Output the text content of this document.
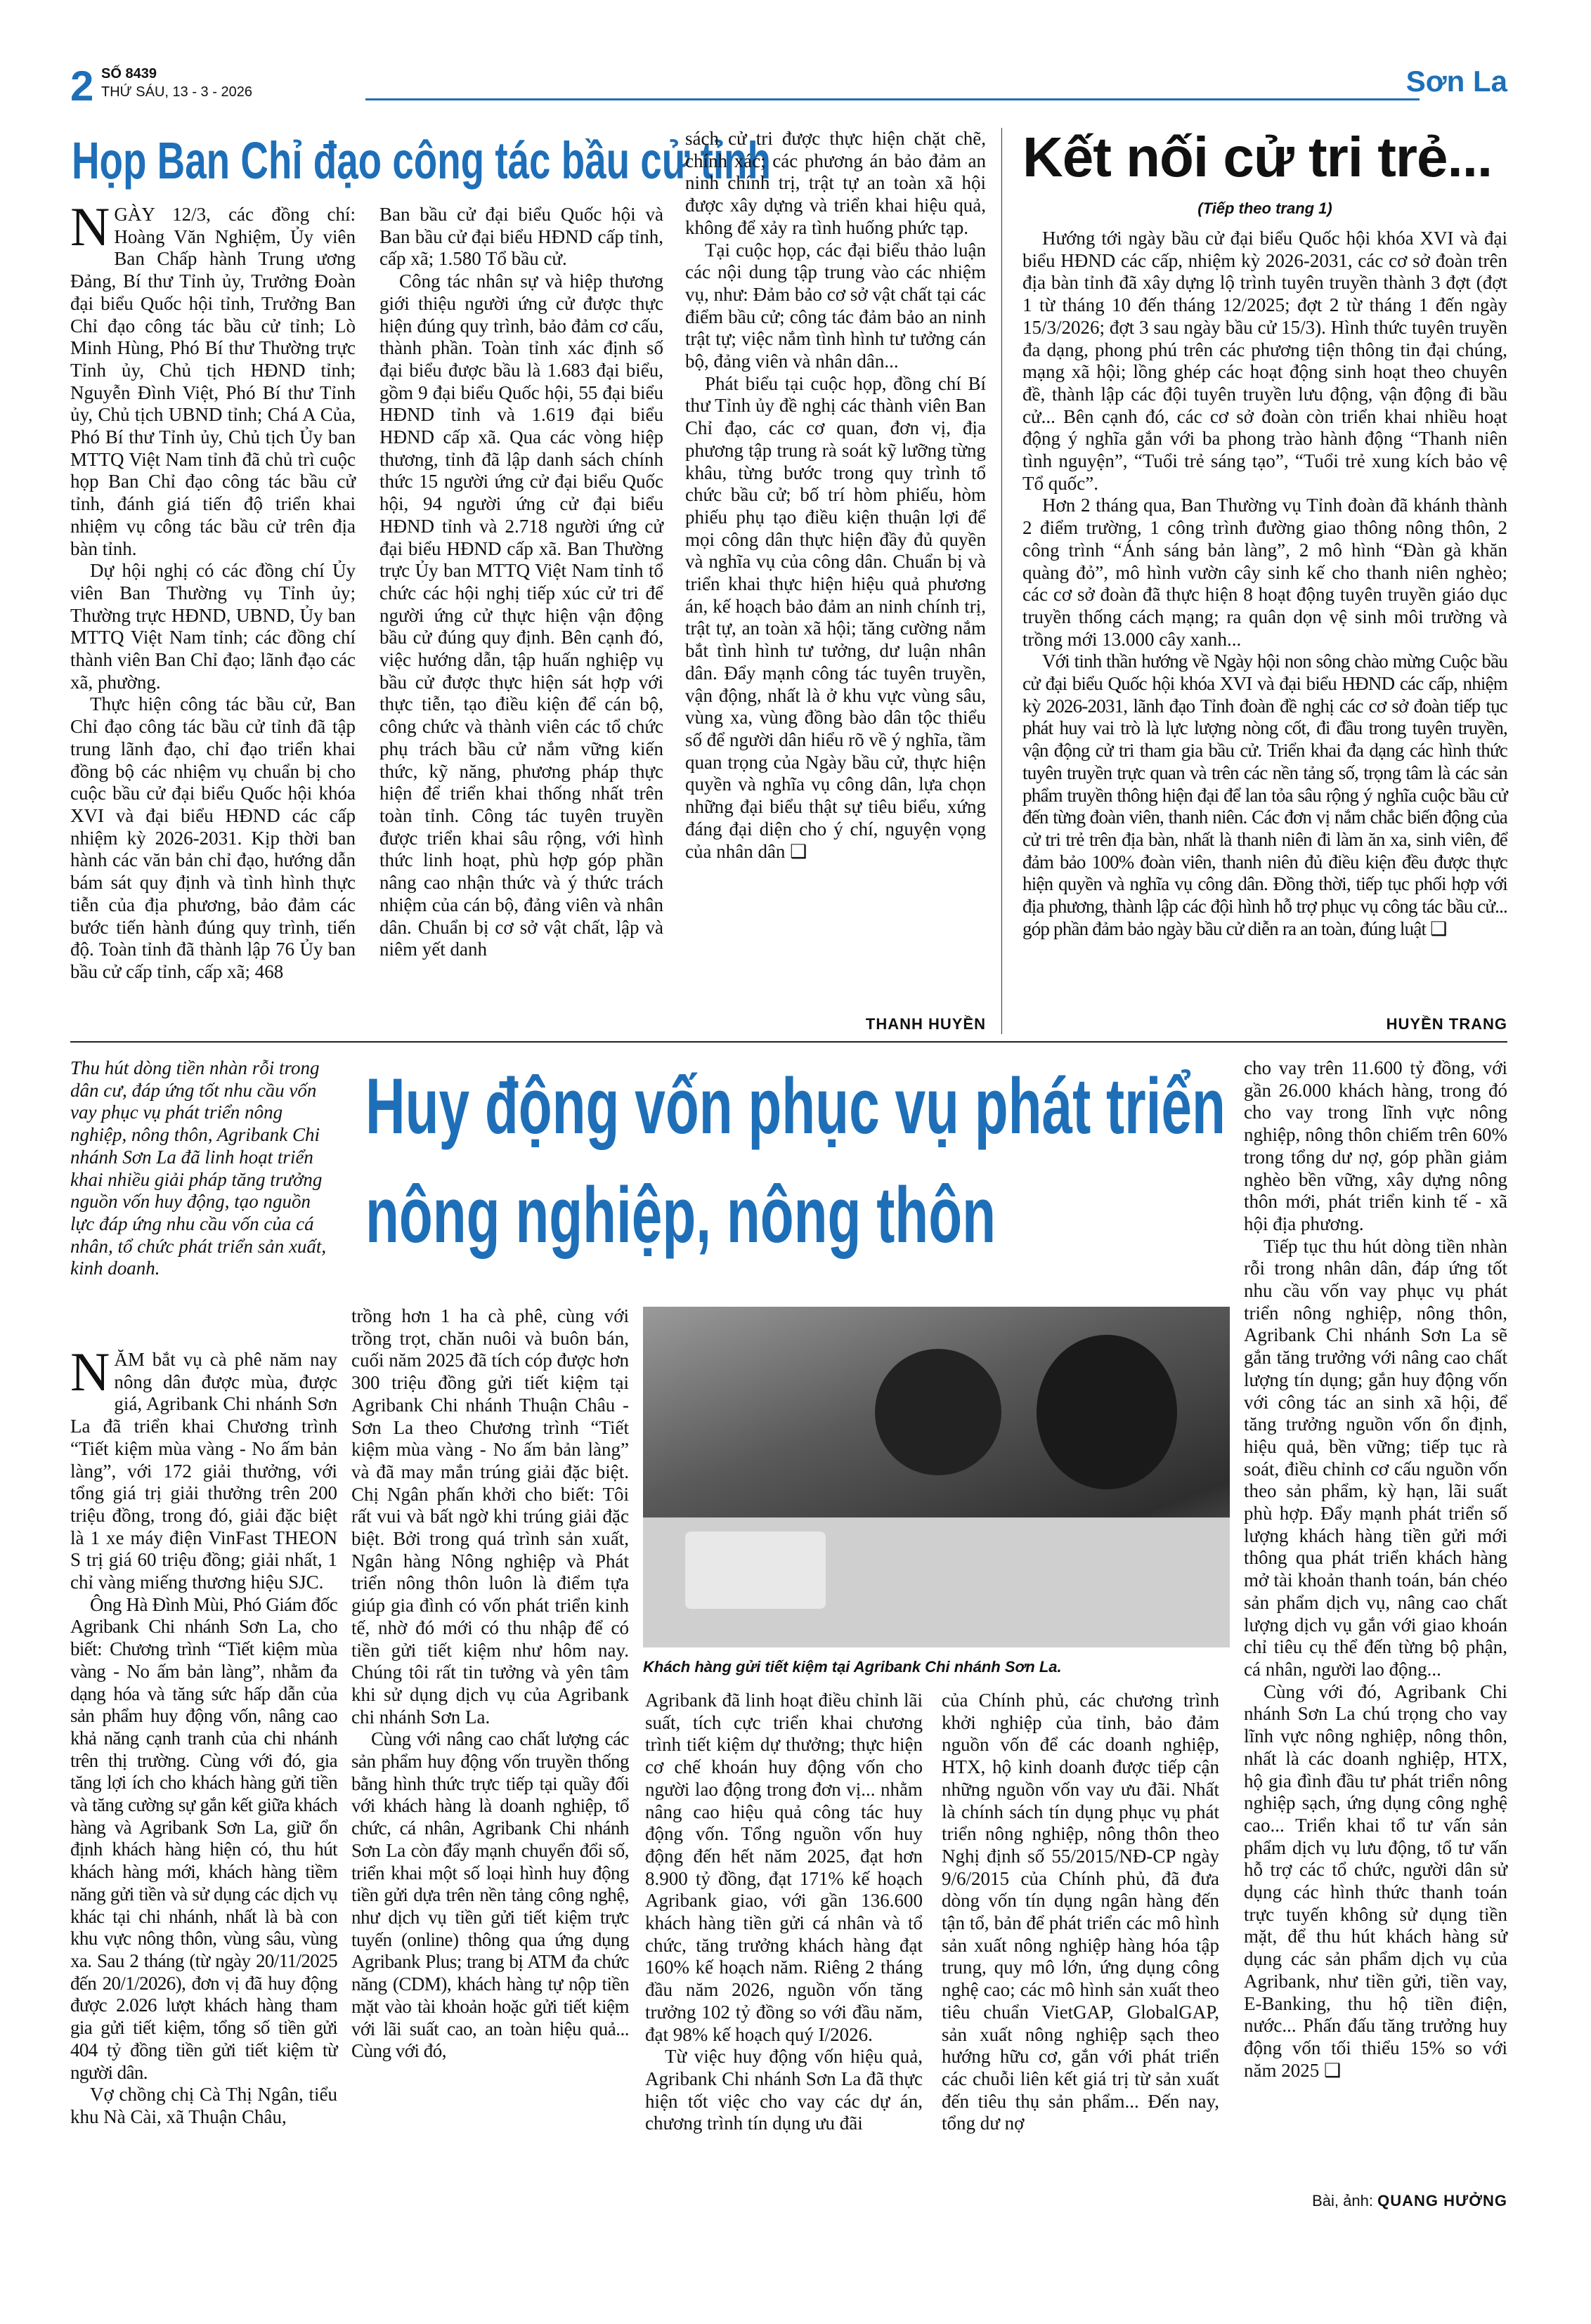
2 SỐ 8439
THỨ SÁU, 13 - 3 - 2026	Sơn La
Họp Ban Chỉ đạo công tác bầu cử tỉnh

NGÀY 12/3, các đồng chí: Hoàng Văn Nghiệm, Ủy viên Ban Chấp hành Trung ương Đảng, Bí thư Tỉnh ủy, Trưởng Đoàn đại biểu Quốc hội tỉnh, Trưởng Ban Chỉ đạo công tác bầu cử tỉnh; Lò Minh Hùng, Phó Bí thư Thường trực Tỉnh ủy, Chủ tịch HĐND tỉnh; Nguyễn Đình Việt, Phó Bí thư Tỉnh ủy, Chủ tịch UBND tỉnh; Chá A Của, Phó Bí thư Tỉnh ủy, Chủ tịch Ủy ban MTTQ Việt Nam tỉnh đã chủ trì cuộc họp Ban Chỉ đạo công tác bầu cử tỉnh, đánh giá tiến độ triển khai nhiệm vụ công tác bầu cử trên địa bàn tỉnh.

Dự hội nghị có các đồng chí Ủy viên Ban Thường vụ Tỉnh ủy; Thường trực HĐND, UBND, Ủy ban MTTQ Việt Nam tỉnh; các đồng chí thành viên Ban Chỉ đạo; lãnh đạo các xã, phường.

Thực hiện công tác bầu cử, Ban Chỉ đạo công tác bầu cử tỉnh đã tập trung lãnh đạo, chỉ đạo triển khai đồng bộ các nhiệm vụ chuẩn bị cho cuộc bầu cử đại biểu Quốc hội khóa XVI và đại biểu HĐND các cấp nhiệm kỳ 2026-2031. Kịp thời ban hành các văn bản chỉ đạo, hướng dẫn bám sát quy định và tình hình thực tiễn của địa phương, bảo đảm các bước tiến hành đúng quy trình, tiến độ. Toàn tỉnh đã thành lập 76 Ủy ban bầu cử cấp tỉnh, cấp xã; 468

Ban bầu cử đại biểu Quốc hội và Ban bầu cử đại biểu HĐND cấp tỉnh, cấp xã; 1.580 Tổ bầu cử.

Công tác nhân sự và hiệp thương giới thiệu người ứng cử được thực hiện đúng quy trình, bảo đảm cơ cấu, thành phần. Toàn tỉnh xác định số đại biểu được bầu là 1.683 đại biểu, gồm 9 đại biểu Quốc hội, 55 đại biểu HĐND tỉnh và 1.619 đại biểu HĐND cấp xã. Qua các vòng hiệp thương, tỉnh đã lập danh sách chính thức 15 người ứng cử đại biểu Quốc hội, 94 người ứng cử đại biểu HĐND tỉnh và 2.718 người ứng cử đại biểu HĐND cấp xã. Ban Thường trực Ủy ban MTTQ Việt Nam tỉnh tổ chức các hội nghị tiếp xúc cử tri để người ứng cử thực hiện vận động bầu cử đúng quy định. Bên cạnh đó, việc hướng dẫn, tập huấn nghiệp vụ bầu cử được thực hiện sát hợp với thực tiễn, tạo điều kiện để cán bộ, công chức và thành viên các tổ chức phụ trách bầu cử nắm vững kiến thức, kỹ năng, phương pháp thực hiện để triển khai thống nhất trên toàn tỉnh. Công tác tuyên truyền được triển khai sâu rộng, với hình thức linh hoạt, phù hợp góp phần nâng cao nhận thức và ý thức trách nhiệm của cán bộ, đảng viên và nhân dân. Chuẩn bị cơ sở vật chất, lập và niêm yết danh

sách cử tri được thực hiện chặt chẽ, chính xác; các phương án bảo đảm an ninh chính trị, trật tự an toàn xã hội được xây dựng và triển khai hiệu quả, không để xảy ra tình huống phức tạp.

Tại cuộc họp, các đại biểu thảo luận các nội dung tập trung vào các nhiệm vụ, như: Đảm bảo cơ sở vật chất tại các điểm bầu cử; công tác đảm bảo an ninh trật tự; việc nắm tình hình tư tưởng cán bộ, đảng viên và nhân dân...

Phát biểu tại cuộc họp, đồng chí Bí thư Tỉnh ủy đề nghị các thành viên Ban Chỉ đạo, các cơ quan, đơn vị, địa phương tập trung rà soát kỹ lưỡng từng khâu, từng bước trong quy trình tổ chức bầu cử; bố trí hòm phiếu, hòm phiếu phụ tạo điều kiện thuận lợi để mọi công dân thực hiện đầy đủ quyền và nghĩa vụ của công dân. Chuẩn bị và triển khai thực hiện hiệu quả phương án, kế hoạch bảo đảm an ninh chính trị, trật tự, an toàn xã hội; tăng cường nắm bắt tình hình tư tưởng, dư luận nhân dân. Đẩy mạnh công tác tuyên truyền, vận động, nhất là ở khu vực vùng sâu, vùng xa, vùng đồng bào dân tộc thiểu số để người dân hiểu rõ về ý nghĩa, tầm quan trọng của Ngày bầu cử, thực hiện quyền và nghĩa vụ công dân, lựa chọn những đại biểu thật sự tiêu biểu, xứng đáng đại diện cho ý chí, nguyện vọng của nhân dân ❑

THANH HUYỀN
Kết nối cử tri trẻ...
(Tiếp theo trang 1)

Hướng tới ngày bầu cử đại biểu Quốc hội khóa XVI và đại biểu HĐND các cấp, nhiệm kỳ 2026-2031, các cơ sở đoàn trên địa bàn tỉnh đã xây dựng lộ trình tuyên truyền thành 3 đợt (đợt 1 từ tháng 10 đến tháng 12/2025; đợt 2 từ tháng 1 đến ngày 15/3/2026; đợt 3 sau ngày bầu cử 15/3). Hình thức tuyên truyền đa dạng, phong phú trên các phương tiện thông tin đại chúng, mạng xã hội; lồng ghép các hoạt động sinh hoạt theo chuyên đề, thành lập các đội tuyên truyền lưu động, vận động đi bầu cử... Bên cạnh đó, các cơ sở đoàn còn triển khai nhiều hoạt động ý nghĩa gắn với ba phong trào hành động “Thanh niên tình nguyện”, “Tuổi trẻ sáng tạo”, “Tuổi trẻ xung kích bảo vệ Tổ quốc”.

Hơn 2 tháng qua, Ban Thường vụ Tỉnh đoàn đã khánh thành 2 điểm trường, 1 công trình đường giao thông nông thôn, 2 công trình “Ánh sáng bản làng”, 2 mô hình “Đàn gà khăn quàng đỏ”, mô hình vườn cây sinh kế cho thanh niên nghèo; các cơ sở đoàn đã thực hiện 8 hoạt động tuyên truyền giáo dục truyền thống cách mạng; ra quân dọn vệ sinh môi trường và trồng mới 13.000 cây xanh...

Với tinh thần hướng về Ngày hội non sông chào mừng Cuộc bầu cử đại biểu Quốc hội khóa XVI và đại biểu HĐND các cấp, nhiệm kỳ 2026-2031, lãnh đạo Tỉnh đoàn đề nghị các cơ sở đoàn tiếp tục phát huy vai trò là lực lượng nòng cốt, đi đầu trong tuyên truyền, vận động cử tri tham gia bầu cử. Triển khai đa dạng các hình thức tuyên truyền trực quan và trên các nền tảng số, trọng tâm là các sản phẩm truyền thông hiện đại để lan tỏa sâu rộng ý nghĩa cuộc bầu cử đến từng đoàn viên, thanh niên. Các đơn vị nắm chắc biến động của cử tri trẻ trên địa bàn, nhất là thanh niên đi làm ăn xa, sinh viên, để đảm bảo 100% đoàn viên, thanh niên đủ điều kiện đều được thực hiện quyền và nghĩa vụ công dân. Đồng thời, tiếp tục phối hợp với địa phương, thành lập các đội hình hỗ trợ phục vụ công tác bầu cử... góp phần đảm bảo ngày bầu cử diễn ra an toàn, đúng luật ❑

HUYỀN TRANG

Thu hút dòng tiền nhàn rỗi trong dân cư, đáp ứng tốt nhu cầu vốn vay phục vụ phát triển nông nghiệp, nông thôn, Agribank Chi nhánh Sơn La đã linh hoạt triển khai nhiều giải pháp tăng trưởng nguồn vốn huy động, tạo nguồn lực đáp ứng nhu cầu vốn của cá nhân, tổ chức phát triển sản xuất, kinh doanh.

Huy động vốn phục vụ phát triển
nông nghiệp, nông thôn

NĂM bắt vụ cà phê năm nay nông dân được mùa, được giá, Agribank Chi nhánh Sơn La đã triển khai Chương trình “Tiết kiệm mùa vàng - No ấm bản làng”, với 172 giải thưởng, với tổng giá trị giải thưởng trên 200 triệu đồng, trong đó, giải đặc biệt là 1 xe máy điện VinFast THEON S trị giá 60 triệu đồng; giải nhất, 1 chỉ vàng miếng thương hiệu SJC.

Ông Hà Đình Mùi, Phó Giám đốc Agribank Chi nhánh Sơn La, cho biết: Chương trình “Tiết kiệm mùa vàng - No ấm bản làng”, nhằm đa dạng hóa và tăng sức hấp dẫn của sản phẩm huy động vốn, nâng cao khả năng cạnh tranh của chi nhánh trên thị trường. Cùng với đó, gia tăng lợi ích cho khách hàng gửi tiền và tăng cường sự gắn kết giữa khách hàng và Agribank Sơn La, giữ ổn định khách hàng hiện có, thu hút khách hàng mới, khách hàng tiềm năng gửi tiền và sử dụng các dịch vụ khác tại chi nhánh, nhất là bà con khu vực nông thôn, vùng sâu, vùng xa. Sau 2 tháng (từ ngày 20/11/2025 đến 20/1/2026), đơn vị đã huy động được 2.026 lượt khách hàng tham gia gửi tiết kiệm, tổng số tiền gửi 404 tỷ đồng tiền gửi tiết kiệm từ người dân.

Vợ chồng chị Cà Thị Ngân, tiểu khu Nà Cài, xã Thuận Châu,

trồng hơn 1 ha cà phê, cùng với trồng trọt, chăn nuôi và buôn bán, cuối năm 2025 đã tích cóp được hơn 300 triệu đồng gửi tiết kiệm tại Agribank Chi nhánh Thuận Châu - Sơn La theo Chương trình “Tiết kiệm mùa vàng - No ấm bản làng” và đã may mắn trúng giải đặc biệt. Chị Ngân phấn khởi cho biết: Tôi rất vui và bất ngờ khi trúng giải đặc biệt. Bởi trong quá trình sản xuất, Ngân hàng Nông nghiệp và Phát triển nông thôn luôn là điểm tựa giúp gia đình có vốn phát triển kinh tế, nhờ đó mới có thu nhập để có tiền gửi tiết kiệm như hôm nay. Chúng tôi rất tin tưởng và yên tâm khi sử dụng dịch vụ của Agribank chi nhánh Sơn La.

Cùng với nâng cao chất lượng các sản phẩm huy động vốn truyền thống bằng hình thức trực tiếp tại quầy đối với khách hàng là doanh nghiệp, tổ chức, cá nhân, Agribank Chi nhánh Sơn La còn đẩy mạnh chuyển đổi số, triển khai một số loại hình huy động tiền gửi dựa trên nền tảng công nghệ, như dịch vụ tiền gửi tiết kiệm trực tuyến (online) thông qua ứng dụng Agribank Plus; trang bị ATM đa chức năng (CDM), khách hàng tự nộp tiền mặt vào tài khoản hoặc gửi tiết kiệm với lãi suất cao, an toàn hiệu quả... Cùng với đó,

Khách hàng gửi tiết kiệm tại Agribank Chi nhánh Sơn La.

Agribank đã linh hoạt điều chỉnh lãi suất, tích cực triển khai chương trình tiết kiệm dự thưởng; thực hiện cơ chế khoán huy động vốn cho người lao động trong đơn vị... nhằm nâng cao hiệu quả công tác huy động vốn. Tổng nguồn vốn huy động đến hết năm 2025, đạt hơn 8.900 tỷ đồng, đạt 171% kế hoạch Agribank giao, với gần 136.600 khách hàng tiền gửi cá nhân và tổ chức, tăng trưởng khách hàng đạt 160% kế hoạch năm. Riêng 2 tháng đầu năm 2026, nguồn vốn tăng trưởng 102 tỷ đồng so với đầu năm, đạt 98% kế hoạch quý I/2026.

Từ việc huy động vốn hiệu quả, Agribank Chi nhánh Sơn La đã thực hiện tốt việc cho vay các dự án, chương trình tín dụng ưu đãi

của Chính phủ, các chương trình khởi nghiệp của tỉnh, bảo đảm nguồn vốn để các doanh nghiệp, HTX, hộ kinh doanh được tiếp cận những nguồn vốn vay ưu đãi. Nhất là chính sách tín dụng phục vụ phát triển nông nghiệp, nông thôn theo Nghị định số 55/2015/NĐ-CP ngày 9/6/2015 của Chính phủ, đã đưa dòng vốn tín dụng ngân hàng đến tận tổ, bản để phát triển các mô hình sản xuất nông nghiệp hàng hóa tập trung, quy mô lớn, ứng dụng công nghệ cao; các mô hình sản xuất theo tiêu chuẩn VietGAP, GlobalGAP, sản xuất nông nghiệp sạch theo hướng hữu cơ, gắn với phát triển các chuỗi liên kết giá trị từ sản xuất đến tiêu thụ sản phẩm... Đến nay, tổng dư nợ

cho vay trên 11.600 tỷ đồng, với gần 26.000 khách hàng, trong đó cho vay trong lĩnh vực nông nghiệp, nông thôn chiếm trên 60% trong tổng dư nợ, góp phần giảm nghèo bền vững, xây dựng nông thôn mới, phát triển kinh tế - xã hội địa phương.

Tiếp tục thu hút dòng tiền nhàn rỗi trong nhân dân, đáp ứng tốt nhu cầu vốn vay phục vụ phát triển nông nghiệp, nông thôn, Agribank Chi nhánh Sơn La sẽ gắn tăng trưởng với nâng cao chất lượng tín dụng; gắn huy động vốn với công tác an sinh xã hội, để tăng trưởng nguồn vốn ổn định, hiệu quả, bền vững; tiếp tục rà soát, điều chỉnh cơ cấu nguồn vốn theo sản phẩm, kỳ hạn, lãi suất phù hợp. Đẩy mạnh phát triển số lượng khách hàng tiền gửi mới thông qua phát triển khách hàng mở tài khoản thanh toán, bán chéo sản phẩm dịch vụ, nâng cao chất lượng dịch vụ gắn với giao khoán chỉ tiêu cụ thể đến từng bộ phận, cá nhân, người lao động...

Cùng với đó, Agribank Chi nhánh Sơn La chú trọng cho vay lĩnh vực nông nghiệp, nông thôn, nhất là các doanh nghiệp, HTX, hộ gia đình đầu tư phát triển nông nghiệp sạch, ứng dụng công nghệ cao... Triển khai tổ tư vấn sản phẩm dịch vụ lưu động, tổ tư vấn hỗ trợ các tổ chức, người dân sử dụng các hình thức thanh toán trực tuyến không sử dụng tiền mặt, để thu hút khách hàng sử dụng các sản phẩm dịch vụ của Agribank, như tiền gửi, tiền vay, E-Banking, thu hộ tiền điện, nước... Phấn đấu tăng trưởng huy động vốn tối thiểu 15% so với năm 2025 ❑

Bài, ảnh: QUANG HƯỞNG
